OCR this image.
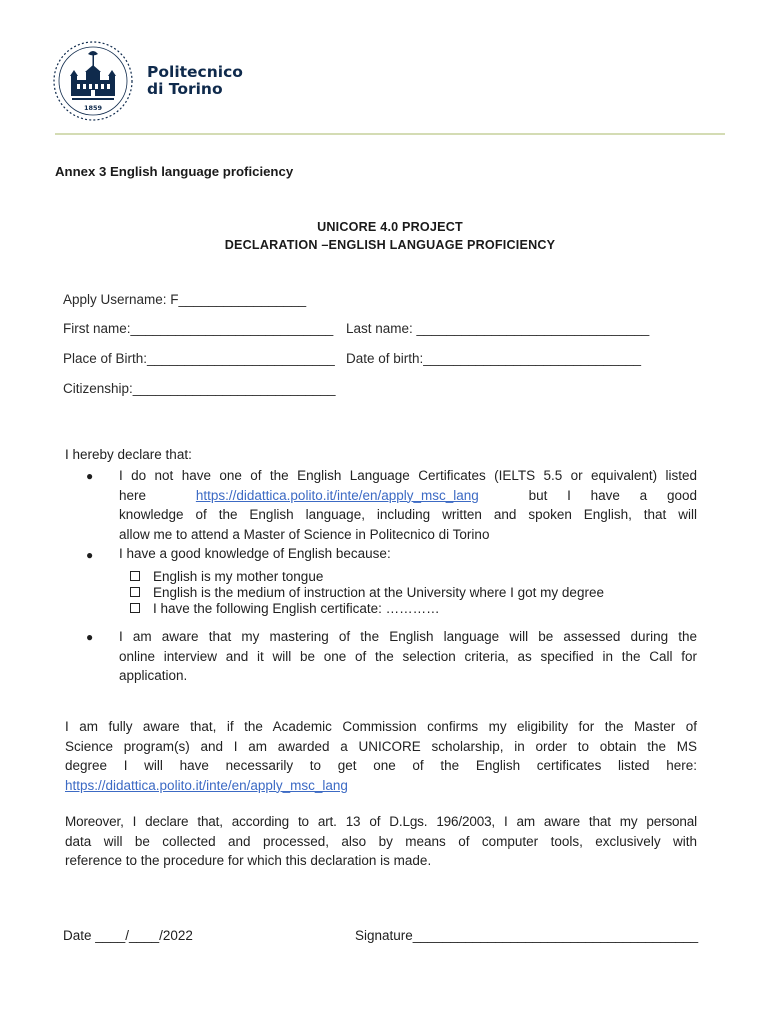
1859
Politecnico
di Torino
Annex 3 English language proficiency
UNICORE 4.0 PROJECT
DECLARATION –ENGLISH LANGUAGE PROFICIENCY
Apply Username: F_________________
First name:___________________________ Last name: _______________________________
Place of Birth:_________________________ Date of birth:_____________________________
Citizenship:___________________________
I hereby declare that:
● I do not have one of the English Language Certificates (IELTS 5.5 or equivalent) listed
here	https://didattica.polito.it/inte/en/apply_msc_lang	but I have a good
knowledge of the English language, including written and spoken English, that will
allow me to attend a Master of Science in Politecnico di Torino
● I have a good knowledge of English because:
English is my mother tongue
English is the medium of instruction at the University where I got my degree
I have the following English certificate: …………
● I am aware that my mastering of the English language will be assessed during the
online interview and it will be one of the selection criteria, as specified in the Call for
application.
I am fully aware that, if the Academic Commission confirms my eligibility for the Master of
Science program(s) and I am awarded a UNICORE scholarship, in order to obtain the MS
degree I will have necessarily to get one of the English certificates listed here:
https://didattica.polito.it/inte/en/apply_msc_lang
Moreover, I declare that, according to art. 13 of D.Lgs. 196/2003, I am aware that my personal
data will be collected and processed, also by means of computer tools, exclusively with
reference to the procedure for which this declaration is made.
Date ____/____/2022	Signature______________________________________
